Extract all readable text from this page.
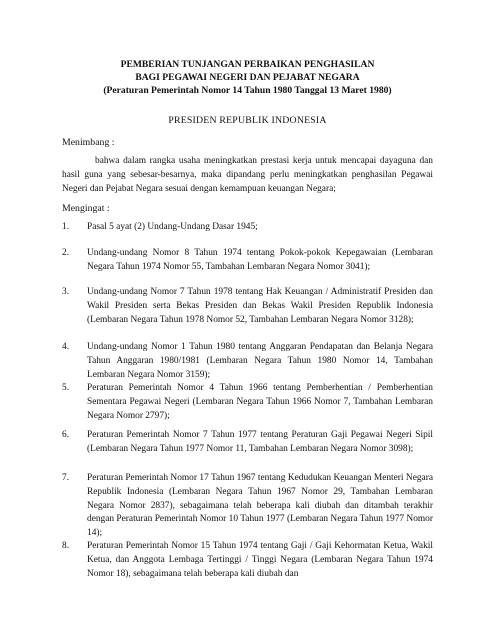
PEMBERIAN TUNJANGAN PERBAIKAN PENGHASILAN
BAGI PEGAWAI NEGERI DAN PEJABAT NEGARA
(Peraturan Pemerintah Nomor 14 Tahun 1980 Tanggal 13 Maret 1980)
PRESIDEN REPUBLIK INDONESIA
Menimbang :
bahwa dalam rangka usaha meningkatkan prestasi kerja untuk mencapai dayaguna dan hasil guna yang sebesar-besarnya, maka dipandang perlu meningkatkan penghasilan Pegawai Negeri dan Pejabat Negara sesuai dengan kemampuan keuangan Negara;
Mengingat :
1.	Pasal 5 ayat (2) Undang-Undang Dasar 1945;
2.	Undang-undang Nomor 8 Tahun 1974 tentang Pokok-pokok Kepegawaian (Lembaran Negara Tahun 1974 Nomor 55, Tambahan Lembaran Negara Nomor 3041);
3.	Undang-undang Nomor 7 Tahun 1978 tentang Hak Keuangan / Administratif Presiden dan Wakil Presiden serta Bekas Presiden dan Bekas Wakil Presiden Republik Indonesia (Lembaran Negara Tahun 1978 Nomor 52, Tambahan Lembaran Negara Nomor 3128);
4.	Undang-undang Nomor 1 Tahun 1980 tentang Anggaran Pendapatan dan Belanja Negara Tahun Anggaran 1980/1981 (Lembaran Negara Tahun 1980 Nomor 14, Tambahan Lembaran Negara Nomor 3159);
5.	Peraturan Pemerintah Nomor 4 Tahun 1966 tentang Pemberhentian / Pemberhentian Sementara Pegawai Negeri (Lembaran Negara Tahun 1966 Nomor 7, Tambahan Lembaran Negara Nomor 2797);
6.	Peraturan Pemerintah Nomor 7 Tahun 1977 tentang Peraturan Gaji Pegawai Negeri Sipil (Lembaran Negara Tahun 1977 Nomor 11, Tambahan Lembaran Negara Nomor 3098);
7.	Peraturan Pemerintah Nomor 17 Tahun 1967 tentang Kedudukan Keuangan Menteri Negara Republik Indonesia (Lembaran Negara Tahun 1967 Nomor 29, Tambahan Lembaran Negara Nomor 2837), sebagaimana telah beberapa kali diubah dan ditambah terakhir dengan Peraturan Pemerintah Nomor 10 Tahun 1977 (Lembaran Negara Tahun 1977 Nomor 14);
8.	Peraturan Pemerintah Nomor 15 Tahun 1974 tentang Gaji / Gaji Kehormatan Ketua, Wakil Ketua, dan Anggota Lembaga Tertinggi / Tinggi Negara (Lembaran Negara Tahun 1974 Nomor 18), sebagaimana telah beberapa kali diubah dan
